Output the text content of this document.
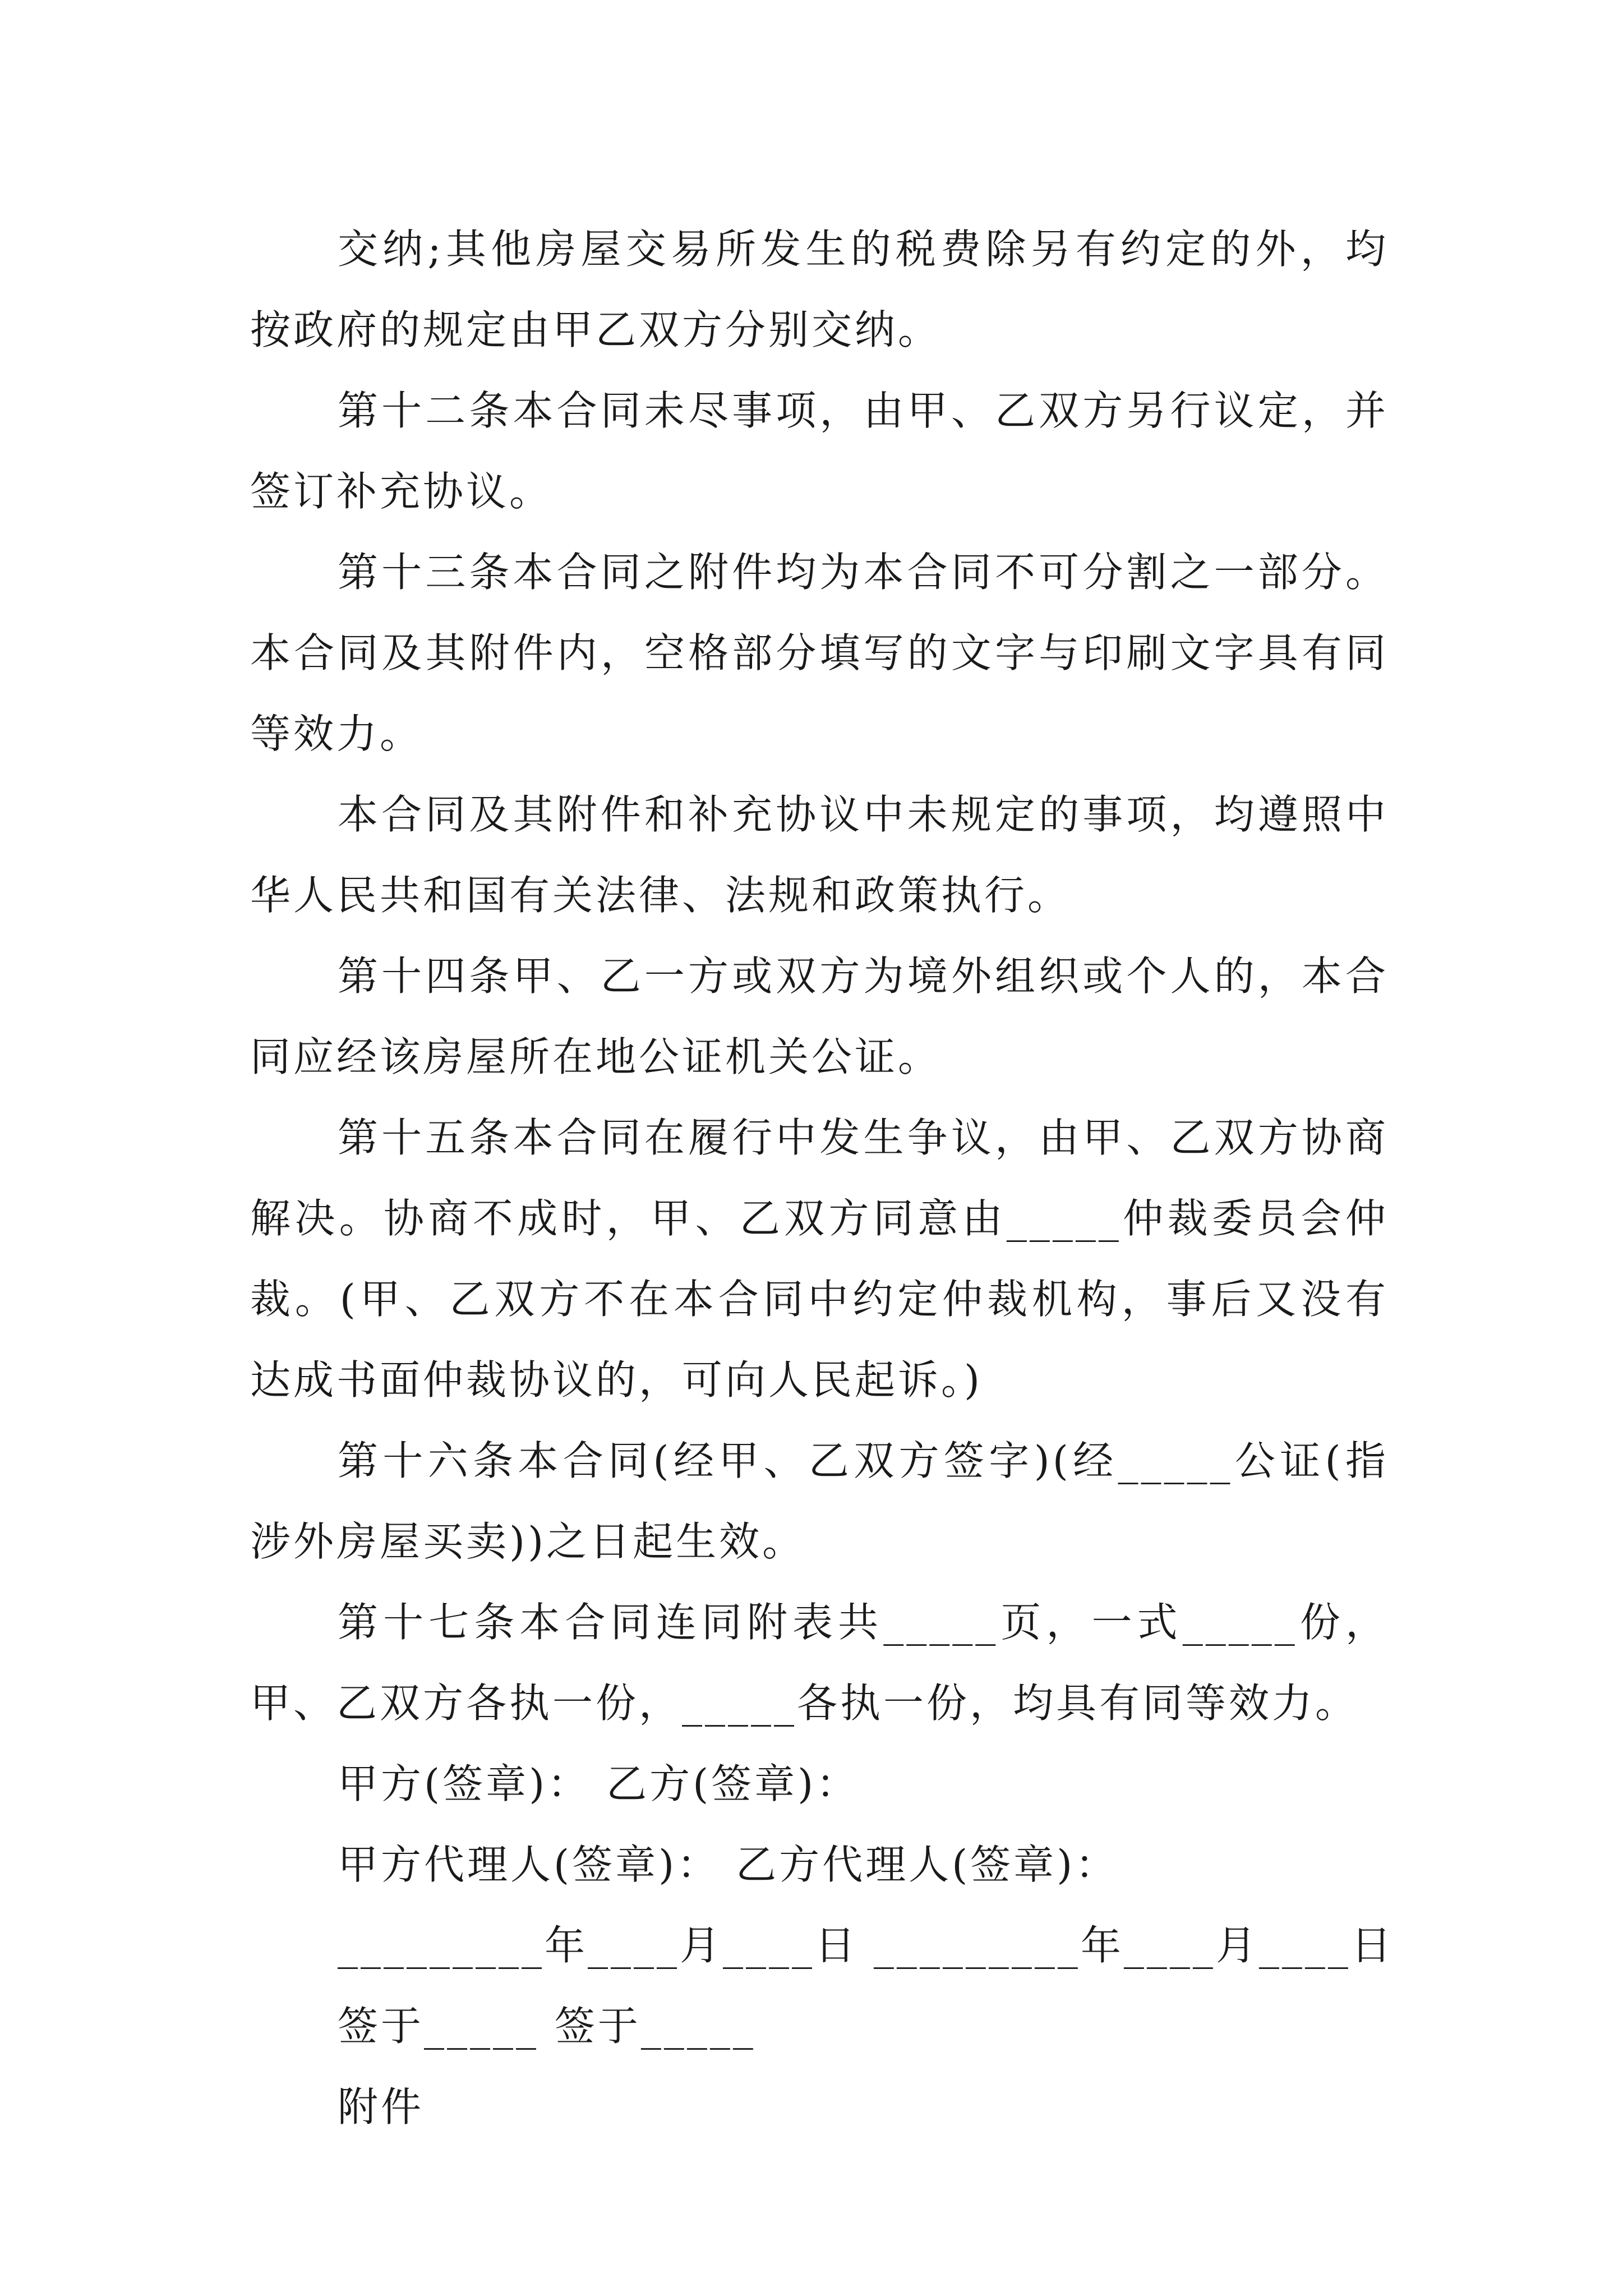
交纳;其他房屋交易所发生的税费除另有约定的外，均按政府的规定由甲乙双方分别交纳。

第十二条本合同未尽事项，由甲、乙双方另行议定，并签订补充协议。

第十三条本合同之附件均为本合同不可分割之一部分。本合同及其附件内，空格部分填写的文字与印刷文字具有同等效力。

本合同及其附件和补充协议中未规定的事项，均遵照中华人民共和国有关法律、法规和政策执行。

第十四条甲、乙一方或双方为境外组织或个人的，本合同应经该房屋所在地公证机关公证。

第十五条本合同在履行中发生争议，由甲、乙双方协商解决。协商不成时，甲、乙双方同意由_____仲裁委员会仲裁。(甲、乙双方不在本合同中约定仲裁机构，事后又没有达成书面仲裁协议的，可向人民起诉。)

第十六条本合同(经甲、乙双方签字)(经_____公证(指涉外房屋买卖))之日起生效。

第十七条本合同连同附表共_____页，一式_____份，甲、乙双方各执一份，_____各执一份，均具有同等效力。

甲方(签章)： 乙方(签章)：

甲方代理人(签章)： 乙方代理人(签章)：

_________年____月____日 _________年____月____日

签于_____ 签于_____

附件
